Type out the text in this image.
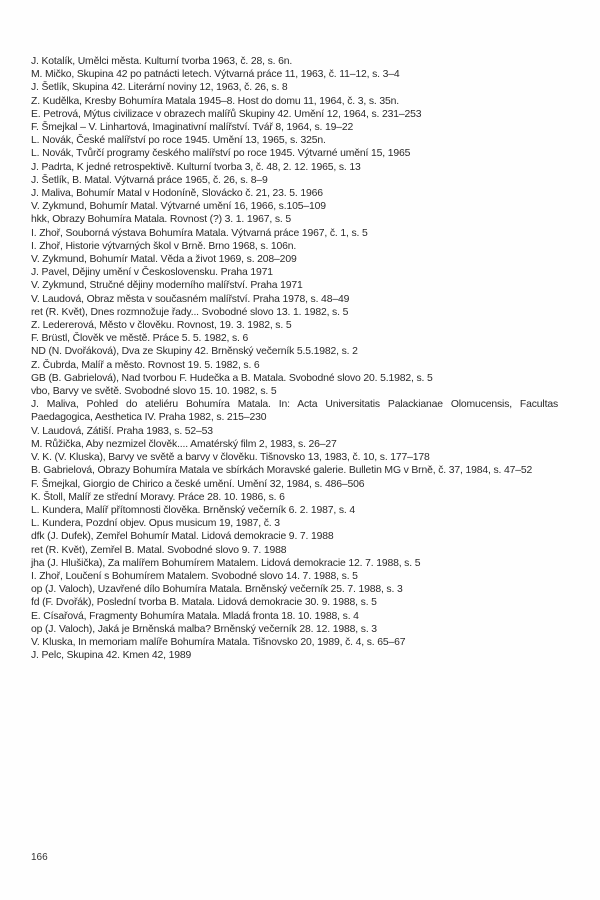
J. Kotalík, Umělci města. Kulturní tvorba 1963, č. 28, s. 6n.
M. Mičko, Skupina 42 po patnácti letech. Výtvarná práce 11, 1963, č. 11–12, s. 3–4
J. Šetlík, Skupina 42. Literární noviny 12, 1963, č. 26, s. 8
Z. Kudělka, Kresby Bohumíra Matala 1945–8. Host do domu 11, 1964, č. 3, s. 35n.
E. Petrová, Mýtus civilizace v obrazech malířů Skupiny 42. Umění 12, 1964, s. 231–253
F. Šmejkal – V. Linhartová, Imaginativní malířství. Tvář 8, 1964, s. 19–22
L. Novák, České malířství po roce 1945. Umění 13, 1965, s. 325n.
L. Novák, Tvůrčí programy českého malířství po roce 1945. Výtvarné umění 15, 1965
J. Padrta, K jedné retrospektivě. Kulturní tvorba 3, č. 48, 2. 12. 1965, s. 13
J. Šetlík, B. Matal. Výtvarná práce 1965, č. 26, s. 8–9
J. Maliva, Bohumír Matal v Hodoníně, Slovácko č. 21, 23. 5. 1966
V. Zykmund, Bohumír Matal. Výtvarné umění 16, 1966, s.105–109
hkk, Obrazy Bohumíra Matala. Rovnost (?) 3. 1. 1967, s. 5
I. Zhoř, Souborná výstava Bohumíra Matala. Výtvarná práce 1967, č. 1, s. 5
I. Zhoř, Historie výtvarných škol v Brně. Brno 1968, s. 106n.
V. Zykmund, Bohumír Matal. Věda a život 1969, s. 208–209
J. Pavel, Dějiny umění v Československu. Praha 1971
V. Zykmund, Stručné dějiny moderního malířství. Praha 1971
V. Laudová, Obraz města v současném malířství. Praha 1978, s. 48–49
ret (R. Květ), Dnes rozmnožuje řady... Svobodné slovo 13. 1. 1982, s. 5
Z. Ledererová, Město v člověku. Rovnost, 19. 3. 1982, s. 5
F. Brüstl, Člověk ve městě. Práce 5. 5. 1982, s. 6
ND (N. Dvořáková), Dva ze Skupiny 42. Brněnský večerník 5.5.1982, s. 2
Z. Čubrda, Malíř a město. Rovnost 19. 5. 1982, s. 6
GB (B. Gabrielová), Nad tvorbou F. Hudečka a B. Matala. Svobodné slovo 20. 5.1982, s. 5
vbo, Barvy ve světě. Svobodné slovo 15. 10. 1982, s. 5
J. Maliva, Pohled do ateliéru Bohumíra Matala. In: Acta Universitatis Palackianae Olomucensis, Facultas Paedagogica, Aesthetica IV. Praha 1982, s. 215–230
V. Laudová, Zátiší. Praha 1983, s. 52–53
M. Růžička, Aby nezmizel člověk.... Amatérský film 2, 1983, s. 26–27
V. K. (V. Kluska), Barvy ve světě a barvy v člověku. Tišnovsko 13, 1983, č. 10, s. 177–178
B. Gabrielová, Obrazy Bohumíra Matala ve sbírkách Moravské galerie. Bulletin MG v Brně, č. 37, 1984, s. 47–52
F. Šmejkal, Giorgio de Chirico a české umění. Umění 32, 1984, s. 486–506
K. Štoll, Malíř ze střední Moravy. Práce 28. 10. 1986, s. 6
L. Kundera, Malíř přítomnosti člověka. Brněnský večerník 6. 2. 1987, s. 4
L. Kundera, Pozdní objev. Opus musicum 19, 1987, č. 3
dfk (J. Dufek), Zemřel Bohumír Matal. Lidová demokracie 9. 7. 1988
ret (R. Květ), Zemřel B. Matal. Svobodné slovo 9. 7. 1988
jha (J. Hlušička), Za malířem Bohumírem Matalem. Lidová demokracie 12. 7. 1988, s. 5
I. Zhoř, Loučení s Bohumírem Matalem. Svobodné slovo 14. 7. 1988, s. 5
op (J. Valoch), Uzavřené dílo Bohumíra Matala. Brněnský večerník 25. 7. 1988, s. 3
fd (F. Dvořák), Poslední tvorba B. Matala. Lidová demokracie 30. 9. 1988, s. 5
E. Císařová, Fragmenty Bohumíra Matala. Mladá fronta 18. 10. 1988, s. 4
op (J. Valoch), Jaká je Brněnská malba? Brněnský večerník 28. 12. 1988, s. 3
V. Kluska, In memoriam malíře Bohumíra Matala. Tišnovsko 20, 1989, č. 4, s. 65–67
J. Pelc, Skupina 42. Kmen 42, 1989
166
